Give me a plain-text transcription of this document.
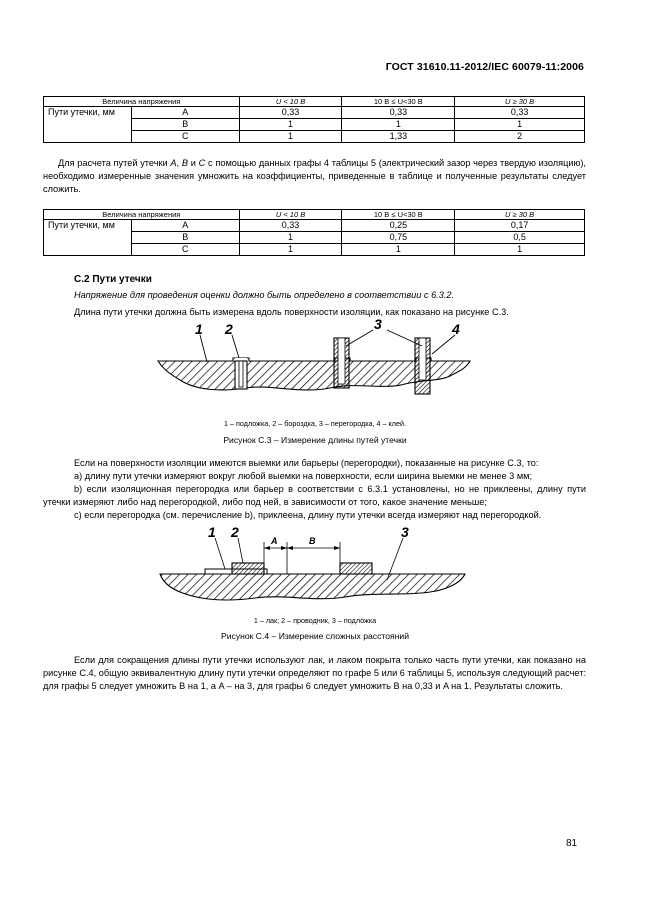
ГОСТ 31610.11-2012/IEC 60079-11:2006
Величина напряжения		U < 10 В	10 В ≤ U<30 В	U ≥ 30 В
Пути утечки, мм	A	0,33	0,33	0,33
	B	1	1	1
	C	1	1,33	2
Для расчета путей утечки A, B и C с помощью данных графы 4 таблицы 5 (электрический зазор через твердую изоляцию), необходимо измеренные значения умножить на коэффициенты, приведенные в таблице и полученные результаты следует сложить.
Величина напряжения		U < 10 В	10 В ≤ U<30 В	U ≥ 30 В
Пути утечки, мм	A	0,33	0,25	0,17
	B	1	0,75	0,5
	C	1	1	1
С.2 Пути утечки
Напряжение для проведения оценки должно быть определено в соответствии с 6.3.2.
Длина пути утечки должна быть измерена вдоль поверхности изоляции, как показано на рисунке С.3.
1 2	3	4
1 – подложка, 2 – бороздка, 3 – перегородка, 4 – клей.
Рисунок С.3 – Измерение длины путей утечки
Если на поверхности изоляции имеются выемки или барьеры (перегородки), показанные на рисунке С.3, то:
a) длину пути утечки измеряют вокруг любой выемки на поверхности, если ширина выемки не менее 3 мм;
b) если изоляционная перегородка или барьер в соответствии с 6.3.1 установлены, но не приклеены, длину пути утечки измеряют либо над перегородкой, либо под ней, в зависимости от того, какое значение меньше;
c) если перегородка (см. перечисление b), приклеена, длину пути утечки всегда измеряют над перегородкой.
A	B
1 2	3
1 – лак; 2 – проводник, 3 – подложка
Рисунок С.4 – Измерение сложных расстояний
Если для сокращения длины пути утечки используют лак, и лаком покрыта только часть пути утечки, как показано на рисунке С.4, общую эквивалентную длину пути утечки определяют по графе 5 или 6 таблицы 5, используя следующий расчет: для графы 5 следует умножить B на 1, а A – на 3, для графы 6 следует умножить B на 0,33 и A на 1. Результаты сложить.
81
